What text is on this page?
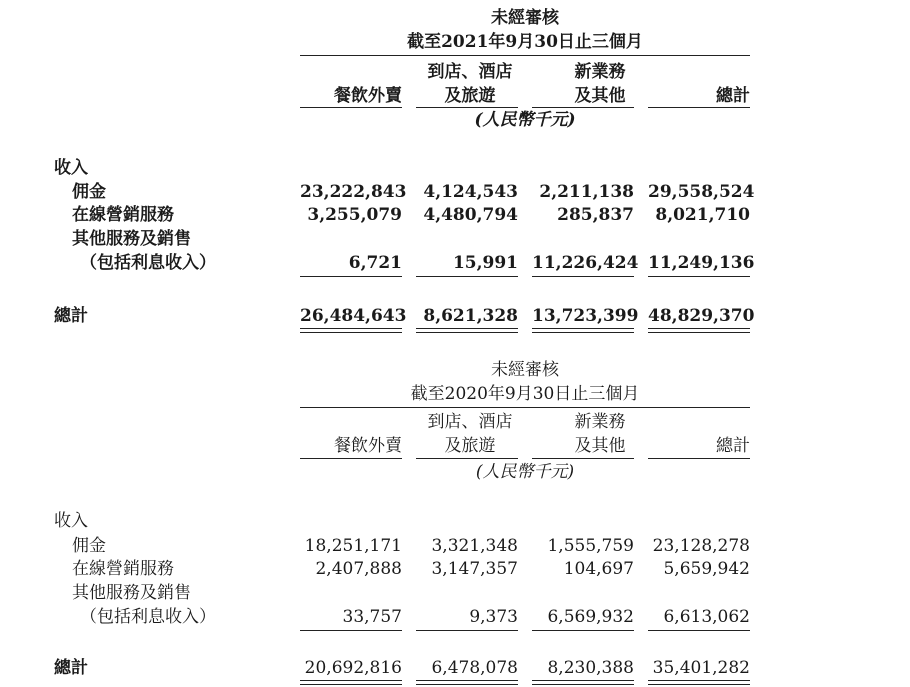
未經審核
截至2021年9月30日止三個月
到店、酒店	新業務
餐飲外賣	及旅遊	及其他	總計
(人民幣千元)
收入
佣金	23,222,843 4,124,543	2,211,138 29,558,524
在線營銷服務	3,255,079	4,480,794	285,837	8,021,710
其他服務及銷售
（包括利息收入）	6,721	15,991 11,226,424 11,249,136
總計	26,484,643 8,621,328 13,723,399 48,829,370
未經審核
截至2020年9月30日止三個月
到店、酒店	新業務
餐飲外賣	及旅遊	及其他	總計
(人民幣千元)
收入
佣金	18,251,171	3,321,348	1,555,759 23,128,278
在線營銷服務	2,407,888	3,147,357	104,697	5,659,942
其他服務及銷售
（包括利息收入）	33,757	9,373	6,569,932	6,613,062
總計	20,692,816	6,478,078	8,230,388 35,401,282
